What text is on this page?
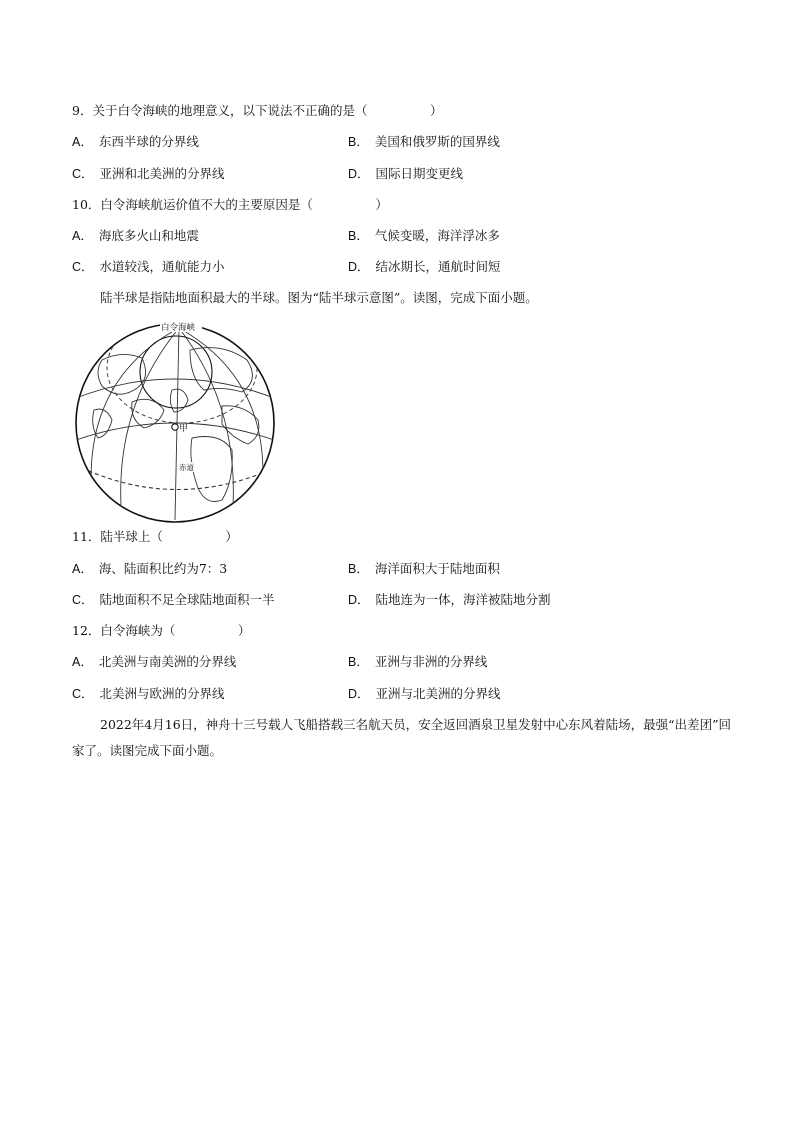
9．关于白令海峡的地理意义，以下说法不正确的是（　　　　　）
A． 东西半球的分界线	B． 美国和俄罗斯的国界线
C． 亚洲和北美洲的分界线	D． 国际日期变更线
10．白令海峡航运价值不大的主要原因是（　　　　　）
A． 海底多火山和地震	B． 气候变暖，海洋浮冰多
C． 水道较浅，通航能力小	D． 结冰期长，通航时间短
陆半球是指陆地面积最大的半球。图为“陆半球示意图”。读图，完成下面小题。
白令海峡
甲
赤道
11．陆半球上（　　　　　）
A． 海、陆面积比约为7：3	B． 海洋面积大于陆地面积
C． 陆地面积不足全球陆地面积一半	D． 陆地连为一体，海洋被陆地分割
12．白令海峡为（　　　　　）
A． 北美洲与南美洲的分界线	B． 亚洲与非洲的分界线
C． 北美洲与欧洲的分界线	D． 亚洲与北美洲的分界线
2022年4月16日，神舟十三号载人飞船搭载三名航天员，安全返回酒泉卫星发射中心东风着陆场，最强“出差团”回家了。读图完成下面小题。
